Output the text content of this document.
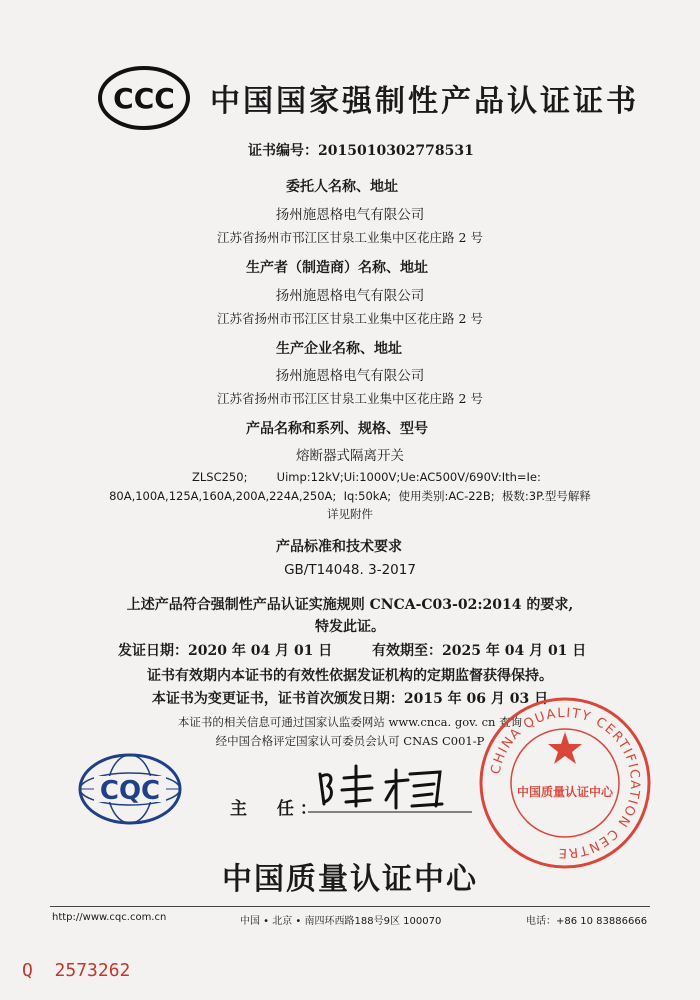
CCC 中国国家强制性产品认证证书
证书编号：2015010302778531
委托人名称、地址
扬州施恩格电气有限公司
江苏省扬州市邗江区甘泉工业集中区花庄路 2 号
生产者（制造商）名称、地址
扬州施恩格电气有限公司
江苏省扬州市邗江区甘泉工业集中区花庄路 2 号
生产企业名称、地址
扬州施恩格电气有限公司
江苏省扬州市邗江区甘泉工业集中区花庄路 2 号
产品名称和系列、规格、型号
熔断器式隔离开关
ZLSC250;        Uimp:12kV;Ui:1000V;Ue:AC500V/690V:Ith=Ie:
80A,100A,125A,160A,200A,224A,250A;  Iq:50kA;  使用类别:AC-22B;  极数:3P.型号解释
详见附件
产品标准和技术要求
GB/T14048. 3-2017
上述产品符合强制性产品认证实施规则 CNCA-C03-02:2014 的要求,
特发此证。
发证日期：2020 年 04 月 01 日	有效期至：2025 年 04 月 01 日
证书有效期内本证书的有效性依据发证机构的定期监督获得保持。
本证书为变更证书，证书首次颁发日期：2015 年 06 月 03 日
本证书的相关信息可通过国家认监委网站 www.cnca. gov. cn 查询
经中国合格评定国家认可委员会认可 CNAS C001-P
CQC
主  任：
CHINA QUALITY CERTIFICATION CENTRE
中国质量认证中心
中国质量认证中心
http://www.cqc.com.cn	中国 • 北京 • 南四环西路188号9区 100070	电话：+86 10 83886666
Q 2573262
